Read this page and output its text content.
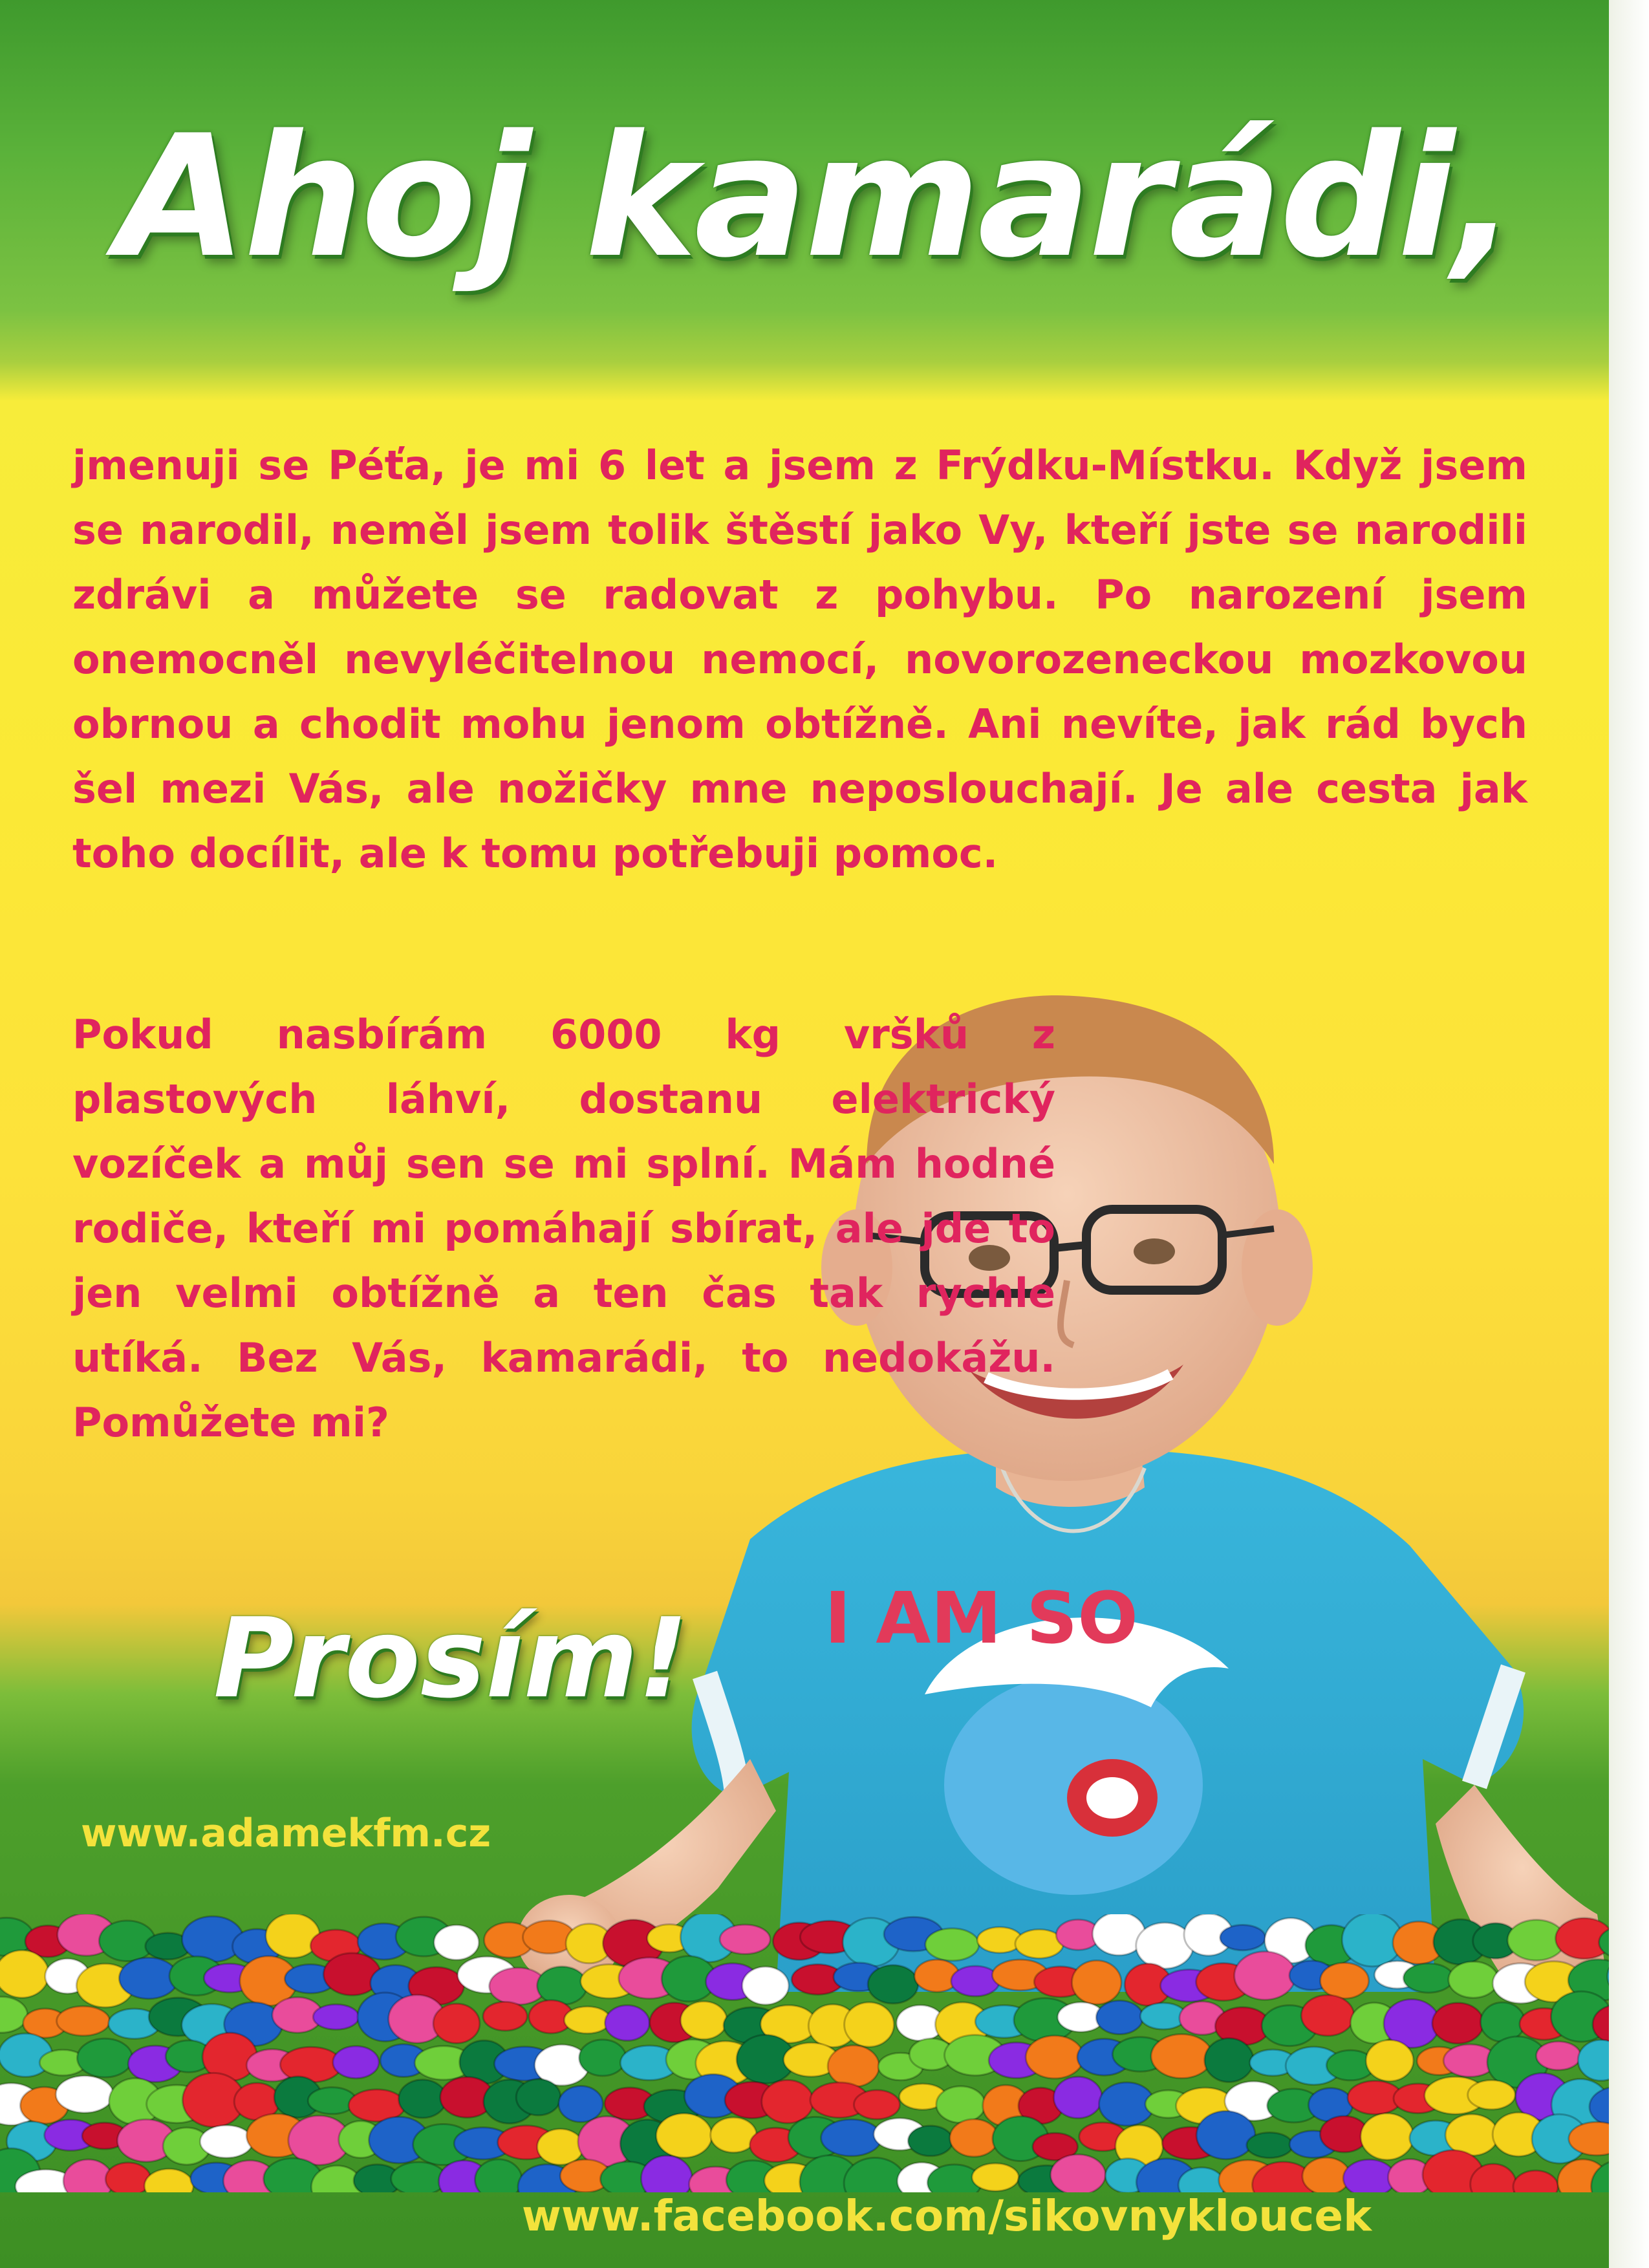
Ahoj kamarádi,

jmenuji se Péťa, je mi 6 let a jsem z Frýdku-Místku. Když jsem se narodil, neměl jsem tolik štěstí jako Vy, kteří jste se narodili zdrávi a můžete se radovat z pohybu. Po narození jsem onemocněl nevyléčitelnou nemocí, novorozeneckou mozkovou obrnou a chodit mohu jenom obtížně. Ani nevíte, jak rád bych šel mezi Vás, ale nožičky mne neposlouchají. Je ale cesta jak toho docílit, ale k tomu potřebuji pomoc.

I AM SO

Pokud nasbírám 6000 kg vršků z plastových láhví, dostanu elektrický vozíček a můj sen se mi splní. Mám hodné rodiče, kteří mi pomáhají sbírat, ale jde to jen velmi obtížně a ten čas tak rychle utíká. Bez Vás, kamarádi, to nedokážu. Pomůžete mi?

Prosím!
www.adamekfm.cz
www.facebook.com/sikovnykloucek
